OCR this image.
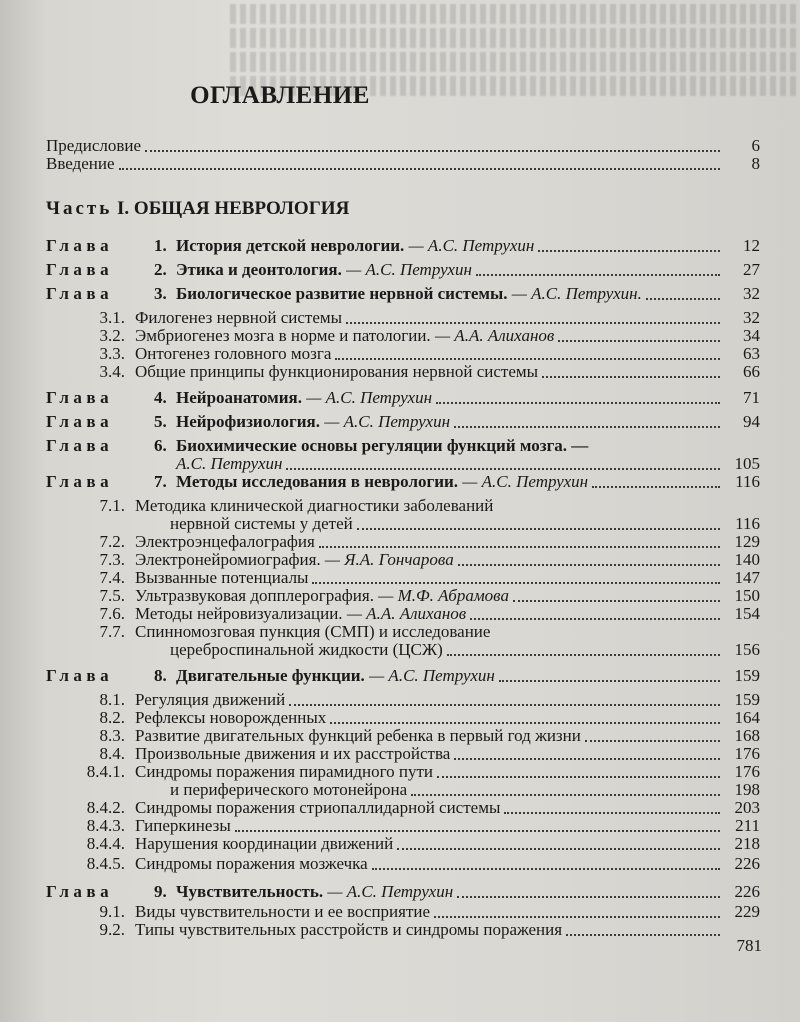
ОГЛАВЛЕНИЕ
Предисловие	6
Введение	8
Часть I. ОБЩАЯ НЕВРОЛОГИЯ
Глава	1. История детской неврологии. — А.С. Петрухин	12
Глава	2. Этика и деонтология. — А.С. Петрухин	27
Глава	3. Биологическое развитие нервной системы. — А.С. Петрухин.	32
3.1. Филогенез нервной системы	32
3.2. Эмбриогенез мозга в норме и патологии. — А.А. Алиханов	34
3.3. Онтогенез головного мозга	63
3.4. Общие принципы функционирования нервной системы	66
Глава	4. Нейроанатомия. — А.С. Петрухин	71
Глава	5. Нейрофизиология. — А.С. Петрухин	94
Глава	6. Биохимические основы регуляции функций мозга. —
А.С. Петрухин	105
Глава	7. Методы исследования в неврологии. — А.С. Петрухин	116
7.1. Методика клинической диагностики заболеваний
нервной системы у детей	116
7.2. Электроэнцефалография	129
7.3. Электронейромиография. — Я.А. Гончарова	140
7.4. Вызванные потенциалы	147
7.5. Ультразвуковая допплерография. — М.Ф. Абрамова	150
7.6. Методы нейровизуализации. — А.А. Алиханов	154
7.7. Спинномозговая пункция (СМП) и исследование
цереброспинальной жидкости (ЦСЖ)	156
Глава	8. Двигательные функции. — А.С. Петрухин	159
8.1. Регуляция движений	159
8.2. Рефлексы новорожденных	164
8.3. Развитие двигательных функций ребенка в первый год жизни	168
8.4. Произвольные движения и их расстройства	176
8.4.1. Синдромы поражения пирамидного пути	176
и периферического мотонейрона	198
8.4.2. Синдромы поражения стриопаллидарной системы	203
8.4.3. Гиперкинезы	211
8.4.4. Нарушения координации движений	218
8.4.5. Синдромы поражения мозжечка	226
Глава	9. Чувствительность. — А.С. Петрухин	226
9.1. Виды чувствительности и ее восприятие	229
9.2. Типы чувствительных расстройств и синдромы поражения
781
